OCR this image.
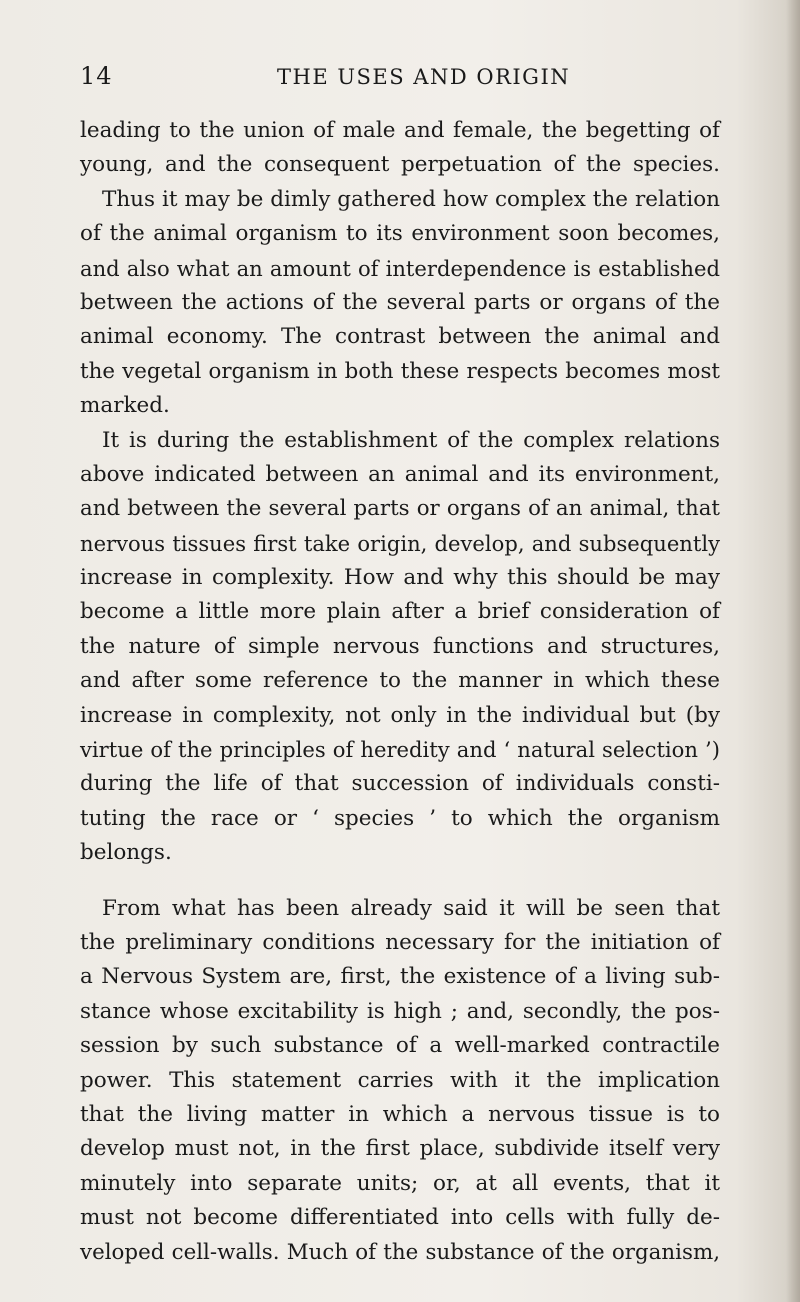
14	THE USES AND ORIGIN
leading to the union of male and female, the begetting of
young, and the consequent perpetuation of the species.
Thus it may be dimly gathered how complex the relation
of the animal organism to its environment soon becomes,
and also what an amount of interdependence is established
between the actions of the several parts or organs of the
animal economy. The contrast between the animal and
the vegetal organism in both these respects becomes most
marked.
It is during the establishment of the complex relations
above indicated between an animal and its environment,
and between the several parts or organs of an animal, that
nervous tissues first take origin, develop, and subsequently
increase in complexity. How and why this should be may
become a little more plain after a brief consideration of
the nature of simple nervous functions and structures,
and after some reference to the manner in which these
increase in complexity, not only in the individual but (by
virtue of the principles of heredity and ‘ natural selection ’)
during the life of that succession of individuals consti-
tuting the race or ‘ species ’ to which the organism
belongs.
From what has been already said it will be seen that
the preliminary conditions necessary for the initiation of
a Nervous System are, first, the existence of a living sub-
stance whose excitability is high ; and, secondly, the pos-
session by such substance of a well-marked contractile
power. This statement carries with it the implication
that the living matter in which a nervous tissue is to
develop must not, in the first place, subdivide itself very
minutely into separate units; or, at all events, that it
must not become differentiated into cells with fully de-
veloped cell-walls. Much of the substance of the organism,
